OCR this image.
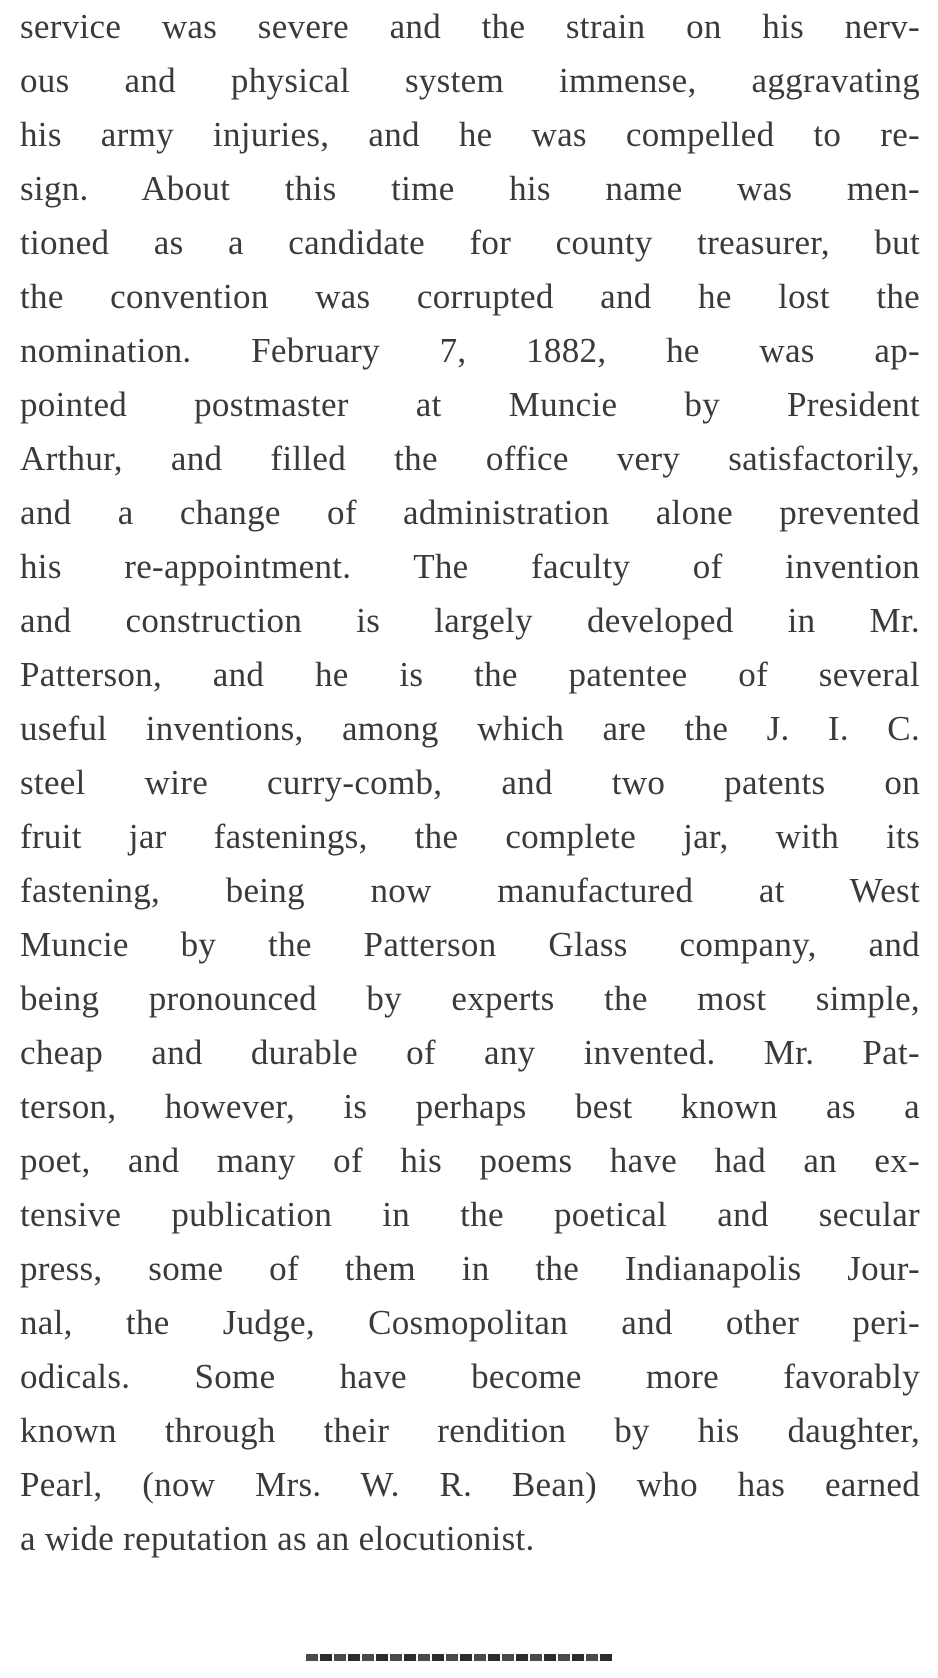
service was severe and the strain on his nerv-
ous and physical system immense, aggravating
his army injuries, and he was compelled to re-
sign. About this time his name was men-
tioned as a candidate for county treasurer, but
the convention was corrupted and he lost the
nomination. February 7, 1882, he was ap-
pointed postmaster at Muncie by President
Arthur, and filled the office very satisfactorily,
and a change of administration alone prevented
his re-appointment. The faculty of invention
and construction is largely developed in Mr.
Patterson, and he is the patentee of several
useful inventions, among which are the J. I. C.
steel wire curry-comb, and two patents on
fruit jar fastenings, the complete jar, with its
fastening, being now manufactured at West
Muncie by the Patterson Glass company, and
being pronounced by experts the most simple,
cheap and durable of any invented. Mr. Pat-
terson, however, is perhaps best known as a
poet, and many of his poems have had an ex-
tensive publication in the poetical and secular
press, some of them in the Indianapolis Jour-
nal, the Judge, Cosmopolitan and other peri-
odicals. Some have become more favorably
known through their rendition by his daughter,
Pearl, (now Mrs. W. R. Bean) who has earned
a wide reputation as an elocutionist.
